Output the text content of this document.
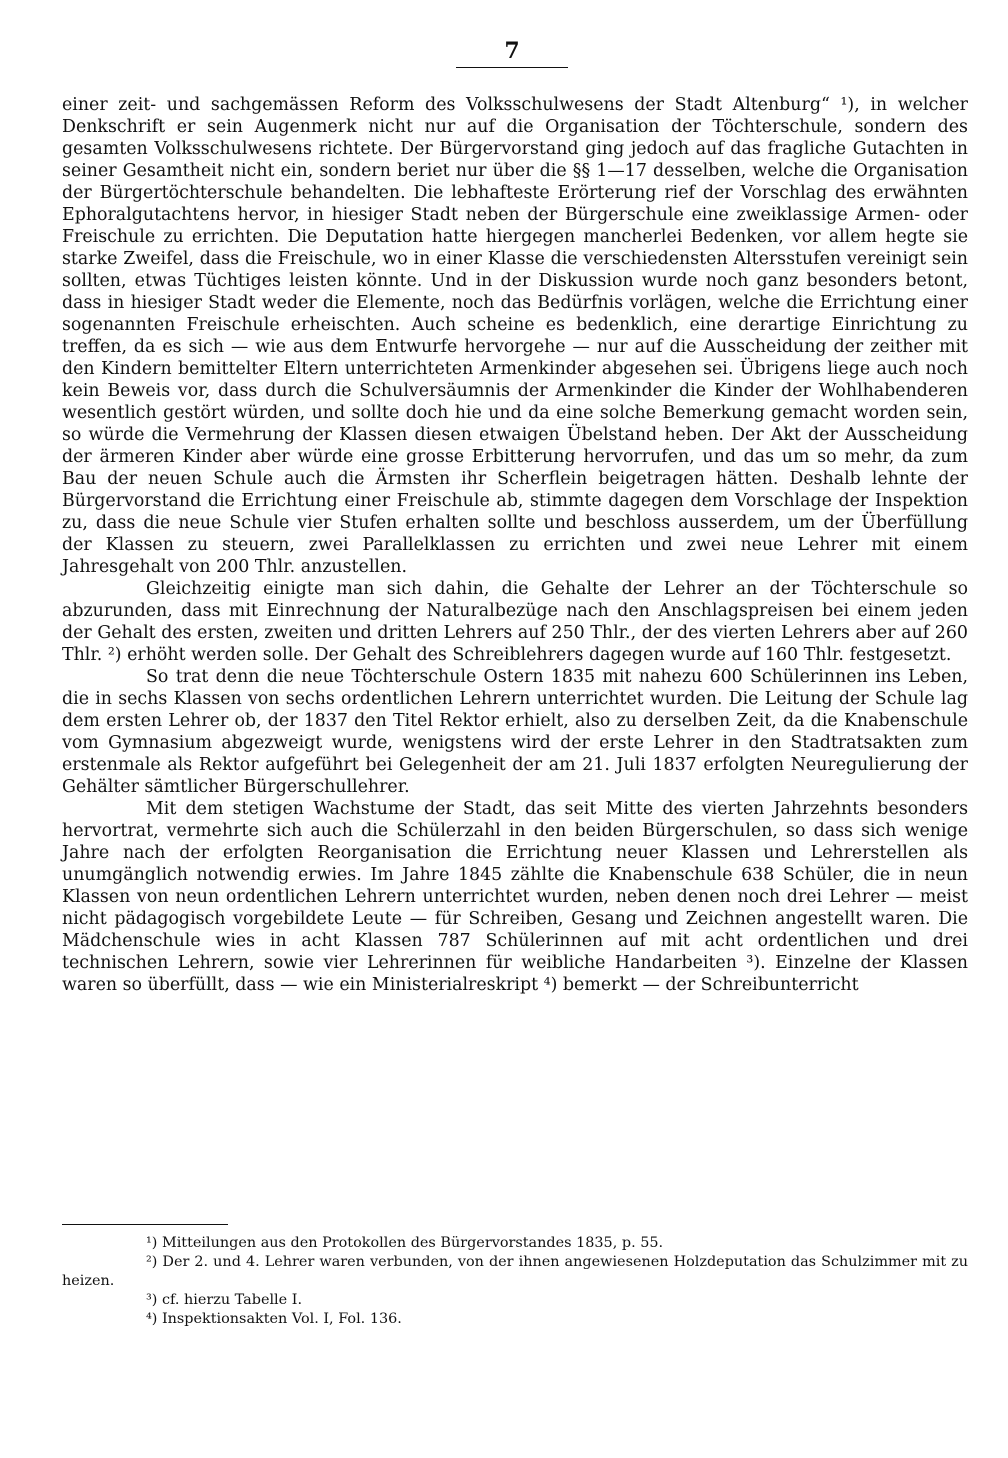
7

einer zeit- und sachgemässen Reform des Volksschulwesens der Stadt Altenburg“ ¹), in welcher Denkschrift er sein Augenmerk nicht nur auf die Organisation der Töchterschule, sondern des gesamten Volksschulwesens richtete. Der Bürgervorstand ging jedoch auf das fragliche Gutachten in seiner Gesamtheit nicht ein, sondern beriet nur über die §§ 1—17 desselben, welche die Organisation der Bürgertöchterschule behandelten. Die lebhafteste Erörterung rief der Vorschlag des erwähnten Ephoralgutachtens hervor, in hiesiger Stadt neben der Bürgerschule eine zweiklassige Armen- oder Freischule zu errichten. Die Deputation hatte hiergegen mancherlei Bedenken, vor allem hegte sie starke Zweifel, dass die Freischule, wo in einer Klasse die verschiedensten Altersstufen vereinigt sein sollten, etwas Tüchtiges leisten könnte. Und in der Diskussion wurde noch ganz besonders betont, dass in hiesiger Stadt weder die Elemente, noch das Bedürfnis vorlägen, welche die Errichtung einer sogenannten Freischule erheischten. Auch scheine es bedenklich, eine derartige Einrichtung zu treffen, da es sich — wie aus dem Entwurfe hervorgehe — nur auf die Ausscheidung der zeither mit den Kindern bemittelter Eltern unterrichteten Armenkinder abgesehen sei. Übrigens liege auch noch kein Beweis vor, dass durch die Schulversäumnis der Armenkinder die Kinder der Wohlhabenderen wesentlich gestört würden, und sollte doch hie und da eine solche Bemerkung gemacht worden sein, so würde die Vermehrung der Klassen diesen etwaigen Übelstand heben. Der Akt der Ausscheidung der ärmeren Kinder aber würde eine grosse Erbitterung hervorrufen, und das um so mehr, da zum Bau der neuen Schule auch die Ärmsten ihr Scherflein beigetragen hätten. Deshalb lehnte der Bürgervorstand die Errichtung einer Freischule ab, stimmte dagegen dem Vorschlage der Inspektion zu, dass die neue Schule vier Stufen erhalten sollte und beschloss ausserdem, um der Überfüllung der Klassen zu steuern, zwei Parallelklassen zu errichten und zwei neue Lehrer mit einem Jahresgehalt von 200 Thlr. anzustellen.

Gleichzeitig einigte man sich dahin, die Gehalte der Lehrer an der Töchterschule so abzurunden, dass mit Einrechnung der Naturalbezüge nach den Anschlagspreisen bei einem jeden der Gehalt des ersten, zweiten und dritten Lehrers auf 250 Thlr., der des vierten Lehrers aber auf 260 Thlr. ²) erhöht werden solle. Der Gehalt des Schreiblehrers dagegen wurde auf 160 Thlr. festgesetzt.

So trat denn die neue Töchterschule Ostern 1835 mit nahezu 600 Schülerinnen ins Leben, die in sechs Klassen von sechs ordentlichen Lehrern unterrichtet wurden. Die Leitung der Schule lag dem ersten Lehrer ob, der 1837 den Titel Rektor erhielt, also zu derselben Zeit, da die Knabenschule vom Gymnasium abgezweigt wurde, wenigstens wird der erste Lehrer in den Stadtratsakten zum erstenmale als Rektor aufgeführt bei Gelegenheit der am 21. Juli 1837 erfolgten Neuregulierung der Gehälter sämtlicher Bürgerschullehrer.

Mit dem stetigen Wachstume der Stadt, das seit Mitte des vierten Jahrzehnts besonders hervortrat, vermehrte sich auch die Schülerzahl in den beiden Bürgerschulen, so dass sich wenige Jahre nach der erfolgten Reorganisation die Errichtung neuer Klassen und Lehrerstellen als unumgänglich notwendig erwies. Im Jahre 1845 zählte die Knabenschule 638 Schüler, die in neun Klassen von neun ordentlichen Lehrern unterrichtet wurden, neben denen noch drei Lehrer — meist nicht pädagogisch vorgebildete Leute — für Schreiben, Gesang und Zeichnen angestellt waren. Die Mädchenschule wies in acht Klassen 787 Schülerinnen auf mit acht ordentlichen und drei technischen Lehrern, sowie vier Lehrerinnen für weibliche Handarbeiten ³). Einzelne der Klassen waren so überfüllt, dass — wie ein Ministerialreskript ⁴) bemerkt — der Schreibunterricht

¹) Mitteilungen aus den Protokollen des Bürgervorstandes 1835, p. 55.

²) Der 2. und 4. Lehrer waren verbunden, von der ihnen angewiesenen Holzdeputation das Schulzimmer mit zu heizen.

³) cf. hierzu Tabelle I.

⁴) Inspektionsakten Vol. I, Fol. 136.
